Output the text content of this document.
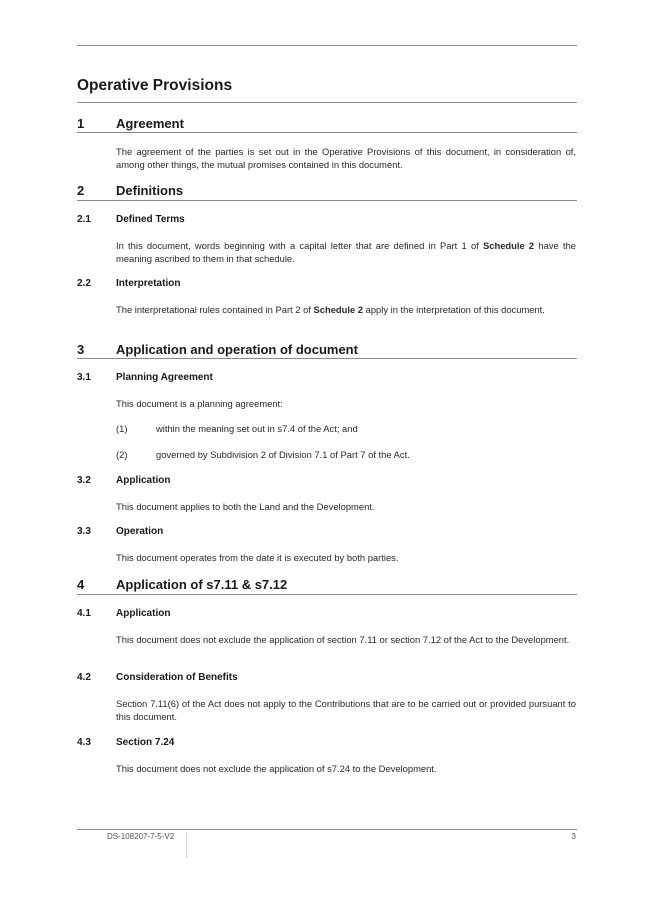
Operative Provisions
1	Agreement
The agreement of the parties is set out in the Operative Provisions of this document, in consideration of, among other things, the mutual promises contained in this document.
2	Definitions
2.1	Defined Terms
In this document, words beginning with a capital letter that are defined in Part 1 of Schedule 2 have the meaning ascribed to them in that schedule.
2.2	Interpretation
The interpretational rules contained in Part 2 of Schedule 2 apply in the interpretation of this document.
3	Application and operation of document
3.1	Planning Agreement
This document is a planning agreement:
(1)	within the meaning set out in s7.4 of the Act; and
(2)	governed by Subdivision 2 of Division 7.1 of Part 7 of the Act.
3.2	Application
This document applies to both the Land and the Development.
3.3	Operation
This document operates from the date it is executed by both parties.
4	Application of s7.11 & s7.12
4.1	Application
This document does not exclude the application of section 7.11 or section 7.12 of the Act to the Development.
4.2	Consideration of Benefits
Section 7.11(6) of the Act does not apply to the Contributions that are to be carried out or provided pursuant to this document.
4.3	Section 7.24
This document does not exclude the application of s7.24 to the Development.
DS-108207-7-5-V2	3
